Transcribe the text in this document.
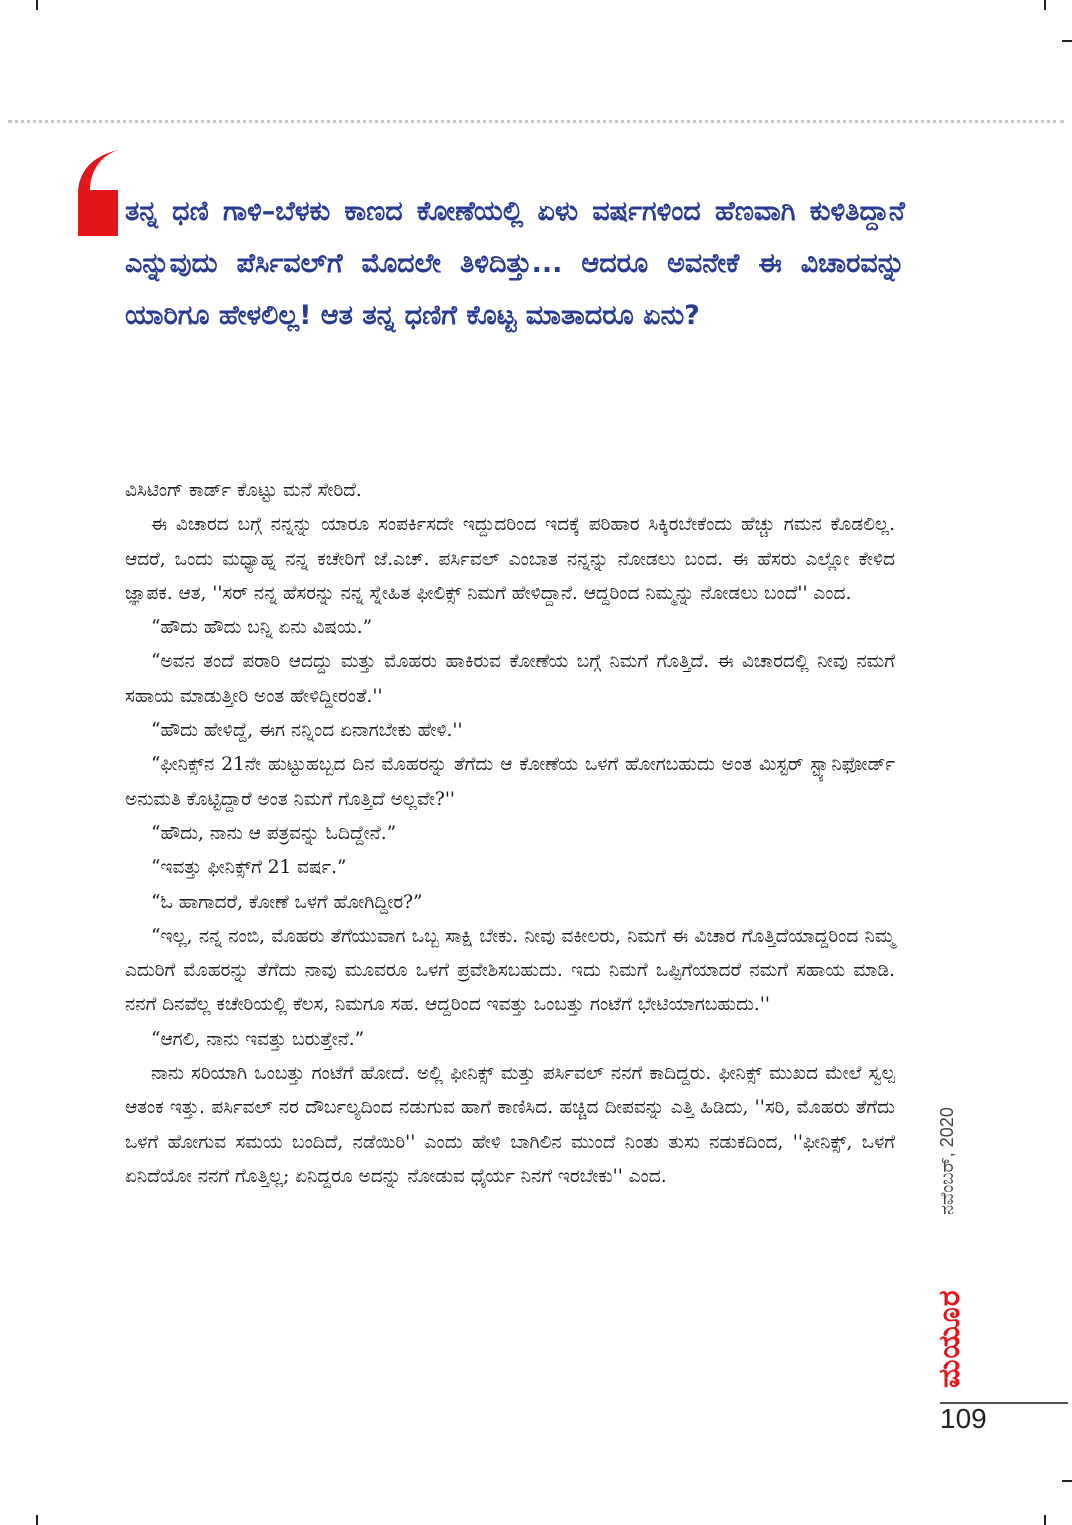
ತನ್ನ ಧಣಿ ಗಾಳಿ–ಬೆಳಕು ಕಾಣದ ಕೋಣೆಯಲ್ಲಿ ಏಳು ವರ್ಷಗಳಿಂದ ಹೆಣವಾಗಿ ಕುಳಿತಿದ್ದಾನೆ ಎನ್ನುವುದು ಪೆರ್ಸಿವಲ್‌ಗೆ ಮೊದಲೇ ತಿಳಿದಿತ್ತು... ಆದರೂ ಅವನೇಕೆ ಈ ವಿಚಾರವನ್ನು ಯಾರಿಗೂ ಹೇಳಲಿಲ್ಲ! ಆತ ತನ್ನ ಧಣಿಗೆ ಕೊಟ್ಟ ಮಾತಾದರೂ ಏನು?

ವಿಸಿಟಿಂಗ್ ಕಾರ್ಡ್ ಕೊಟ್ಟು ಮನೆ ಸೇರಿದೆ.

ಈ ವಿಚಾರದ ಬಗ್ಗೆ ನನ್ನನ್ನು ಯಾರೂ ಸಂಪರ್ಕಿಸದೇ ಇದ್ದುದರಿಂದ ಇದಕ್ಕೆ ಪರಿಹಾರ ಸಿಕ್ಕಿರಬೇಕೆಂದು ಹೆಚ್ಚು ಗಮನ ಕೊಡಲಿಲ್ಲ. ಆದರೆ, ಒಂದು ಮಧ್ಯಾಹ್ನ ನನ್ನ ಕಚೇರಿಗೆ ಜೆ.ಎಚ್. ಪರ್ಸಿವಲ್ ಎಂಬಾತ ನನ್ನನ್ನು ನೋಡಲು ಬಂದ. ಈ ಹೆಸರು ಎಲ್ಲೋ ಕೇಳಿದ ಜ್ಞಾಪಕ. ಆತ, ''ಸರ್ ನನ್ನ ಹೆಸರನ್ನು ನನ್ನ ಸ್ನೇಹಿತ ಫೀಲಿಕ್ಸ್ ನಿಮಗೆ ಹೇಳಿದ್ದಾನೆ. ಆದ್ದರಿಂದ ನಿಮ್ಮನ್ನು ನೋಡಲು ಬಂದೆ'' ಎಂದ.

“ಹೌದು ಹೌದು ಬನ್ನಿ ಏನು ವಿಷಯ.”

“ಅವನ ತಂದೆ ಪರಾರಿ ಆದದ್ದು ಮತ್ತು ಮೊಹರು ಹಾಕಿರುವ ಕೋಣೆಯ ಬಗ್ಗೆ ನಿಮಗೆ ಗೊತ್ತಿದೆ. ಈ ವಿಚಾರದಲ್ಲಿ ನೀವು ನಮಗೆ ಸಹಾಯ ಮಾಡುತ್ತೀರಿ ಅಂತ ಹೇಳಿದ್ದೀರಂತೆ.''

“ಹೌದು ಹೇಳಿದ್ದೆ, ಈಗ ನನ್ನಿಂದ ಏನಾಗಬೇಕು ಹೇಳಿ.''

“ಫೀನಿಕ್ಸ್‌ನ 21ನೇ ಹುಟ್ಟುಹಬ್ಬದ ದಿನ ಮೊಹರನ್ನು ತೆಗೆದು ಆ ಕೋಣೆಯ ಒಳಗೆ ಹೋಗಬಹುದು ಅಂತ ಮಿಸ್ಟರ್ ಸ್ಟ್ಯಾನಿಫೋರ್ಡ್ ಅನುಮತಿ ಕೊಟ್ಟಿದ್ದಾರೆ ಅಂತ ನಿಮಗೆ ಗೊತ್ತಿದೆ ಅಲ್ಲವೇ?''

“ಹೌದು, ನಾನು ಆ ಪತ್ರವನ್ನು ಓದಿದ್ದೇನೆ.”

“ಇವತ್ತು ಫೀನಿಕ್ಸ್‌ಗೆ 21 ವರ್ಷ.”

“ಓ ಹಾಗಾದರೆ, ಕೋಣೆ ಒಳಗೆ ಹೋಗಿದ್ದೀರ?”

“ಇಲ್ಲ, ನನ್ನ ನಂಬಿ, ಮೊಹರು ತೆಗೆಯುವಾಗ ಒಬ್ಬ ಸಾಕ್ಷಿ ಬೇಕು. ನೀವು ವಕೀಲರು, ನಿಮಗೆ ಈ ವಿಚಾರ ಗೊತ್ತಿದೆಯಾದ್ದರಿಂದ ನಿಮ್ಮ ಎದುರಿಗೆ ಮೊಹರನ್ನು ತೆಗೆದು ನಾವು ಮೂವರೂ ಒಳಗೆ ಪ್ರವೇಶಿಸಬಹುದು. ಇದು ನಿಮಗೆ ಒಪ್ಪಿಗೆಯಾದರೆ ನಮಗೆ ಸಹಾಯ ಮಾಡಿ. ನನಗೆ ದಿನವೆಲ್ಲ ಕಚೇರಿಯಲ್ಲಿ ಕೆಲಸ, ನಿಮಗೂ ಸಹ. ಆದ್ದರಿಂದ ಇವತ್ತು ಒಂಬತ್ತು ಗಂಟೆಗೆ ಭೇಟಿಯಾಗಬಹುದು.''

“ಆಗಲಿ, ನಾನು ಇವತ್ತು ಬರುತ್ತೇನೆ.”

ನಾನು ಸರಿಯಾಗಿ ಒಂಬತ್ತು ಗಂಟೆಗೆ ಹೋದೆ. ಅಲ್ಲಿ ಫೀನಿಕ್ಸ್ ಮತ್ತು ಪರ್ಸಿವಲ್ ನನಗೆ ಕಾದಿದ್ದರು. ಫೀನಿಕ್ಸ್ ಮುಖದ ಮೇಲೆ ಸ್ವಲ್ಪ ಆತಂಕ ಇತ್ತು. ಪರ್ಸಿವಲ್ ನರ ದೌರ್ಬಲ್ಯದಿಂದ ನಡುಗುವ ಹಾಗೆ ಕಾಣಿಸಿದ. ಹಚ್ಚಿದ ದೀಪವನ್ನು ಎತ್ತಿ ಹಿಡಿದು, ''ಸರಿ, ಮೊಹರು ತೆಗೆದು ಒಳಗೆ ಹೋಗುವ ಸಮಯ ಬಂದಿದೆ, ನಡೆಯಿರಿ'' ಎಂದು ಹೇಳಿ ಬಾಗಿಲಿನ ಮುಂದೆ ನಿಂತು ತುಸು ನಡುಕದಿಂದ, ''ಫೀನಿಕ್ಸ್, ಒಳಗೆ ಏನಿದೆಯೋ ನನಗೆ ಗೊತ್ತಿಲ್ಲ; ಏನಿದ್ದರೂ ಅದನ್ನು ನೋಡುವ ಧೈರ್ಯ ನಿನಗೆ ಇರಬೇಕು'' ಎಂದ.	ನವೆಂಬರ್, 2020
ಮಯೂರ
109
